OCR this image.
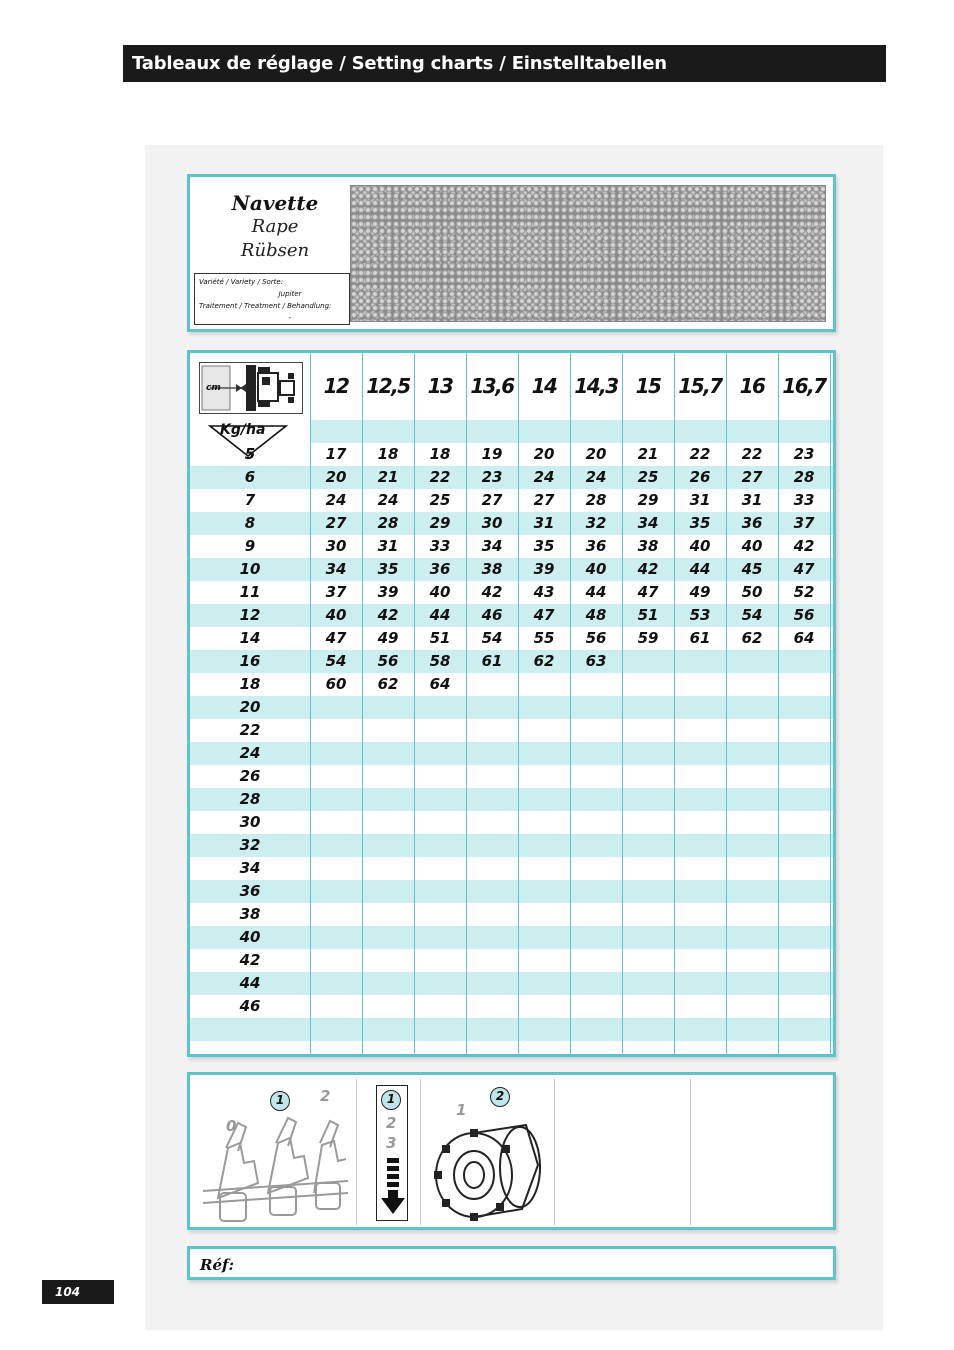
Tableaux de réglage / Setting charts / Einstelltabellen
Navette
Rape
Rübsen
Variété / Variety / Sorte:
Jupiter
Traitement / Treatment / Behandlung:
-
cm
Kg/ha
12 12,5 13 13,6 14 14,3 15 15,7 16 16,7
5	17	18	18	19	20	20	21	22	22	23
6	20	21	22	23	24	24	25	26	27	28
7	24	24	25	27	27	28	29	31	31	33
8	27	28	29	30	31	32	34	35	36	37
9	30	31	33	34	35	36	38	40	40	42
10	34	35	36	38	39	40	42	44	45	47
11	37	39	40	42	43	44	47	49	50	52
12	40	42	44	46	47	48	51	53	54	56
14	47	49	51	54	55	56	59	61	62	64
16	54	56	58	61	62	63
18	60	62	64
20
22
24
26
28
30
32
34
36
38
40
42
44
46
0
1	2	1
2
3
1
2
Réf:
104
